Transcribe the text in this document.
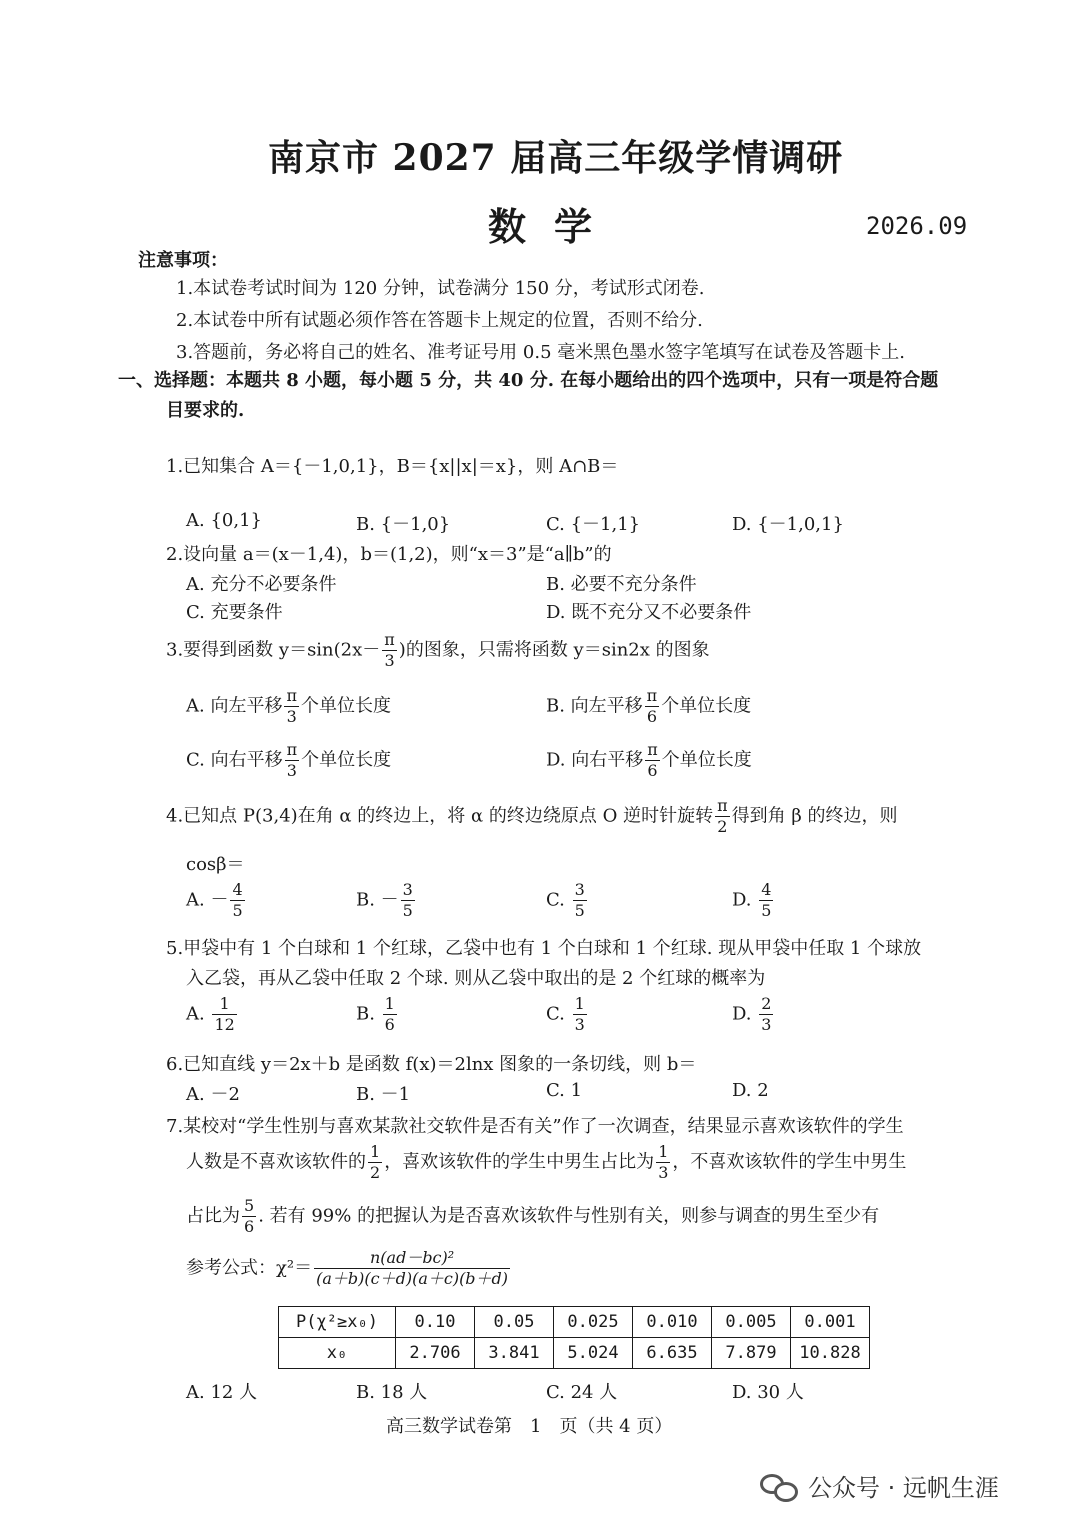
南京市 2027 届高三年级学情调研
数学	2026.09
注意事项：
1.本试卷考试时间为 120 分钟，试卷满分 150 分，考试形式闭卷.
2.本试卷中所有试题必须作答在答题卡上规定的位置，否则不给分.
3.答题前，务必将自己的姓名、准考证号用 0.5 毫米黑色墨水签字笔填写在试卷及答题卡上.
一、选择题：本题共 8 小题，每小题 5 分，共 40 分. 在每小题给出的四个选项中，只有一项是符合题
目要求的.
1.已知集合 A＝{－1,0,1}，B＝{x||x|＝x}，则 A∩B＝
A. {0,1}	B. {－1,0}	C. {－1,1}	D. {－1,0,1}
2.设向量 a＝(x－1,4)，b＝(1,2)，则“x＝3”是“a∥b”的
A. 充分不必要条件	B. 必要不充分条件
C. 充要条件	D. 既不充分又不必要条件
3.要得到函数 $y=\sin(2x- \frac{\pi}{3}$ )的图象，只需将函数 y＝sin2x 的图象
A. 向左平移 $\frac{\pi}{3}$ 个单位长度	B. 向左平移 $\frac{\pi}{6}$ 个单位长度
C. 向右平移 $\frac{\pi}{3}$ 个单位长度	D. 向右平移 $\frac{\pi}{6}$ 个单位长度
4.已知点 P(3,4)在角 α 的终边上，将 α 的终边绕原点 O 逆时针旋转 $\frac{\pi}{2}$ 得到角 β 的终边，则
cosβ＝
A. － $\frac{4}{5}$	B. － $\frac{3}{5}$	C. $\frac{3}{5}$	D. $\frac{4}{5}$
5.甲袋中有 1 个白球和 1 个红球，乙袋中也有 1 个白球和 1 个红球. 现从甲袋中任取 1 个球放
入乙袋，再从乙袋中任取 2 个球. 则从乙袋中取出的是 2 个红球的概率为
A. $\frac{1}{12}$	B. $\frac{1}{6}$	C. $\frac{1}{3}$	D. $\frac{2}{3}$
6.已知直线 y＝2x＋b 是函数 f(x)＝2lnx 图象的一条切线，则 b＝
A. －2	B. －1	C. 1	D. 2
7.某校对“学生性别与喜欢某款社交软件是否有关”作了一次调查，结果显示喜欢该软件的学生
人数是不喜欢该软件的 $\frac{1}{2}$ ，喜欢该软件的学生中男生占比为 $\frac{1}{3}$ ，不喜欢该软件的学生中男生
占比为 $\frac{5}{6}$ . 若有 99% 的把握认为是否喜欢该软件与性别有关，则参与调查的男生至少有
参考公式：$\chi^2= \frac{\text{n(ad－bc)²}}{(a+b)(c+d)(a+c)(b+d)}$
P(χ²≥x₀)	0.10	0.05	0.025	0.010	0.005	0.001
x₀	2.706	3.841	5.024	6.635	7.879	10.828
A. 12 人	B. 18 人	C. 24 人	D. 30 人
高三数学试卷第　1　页（共 4 页）
公众号 · 远帆生涯
